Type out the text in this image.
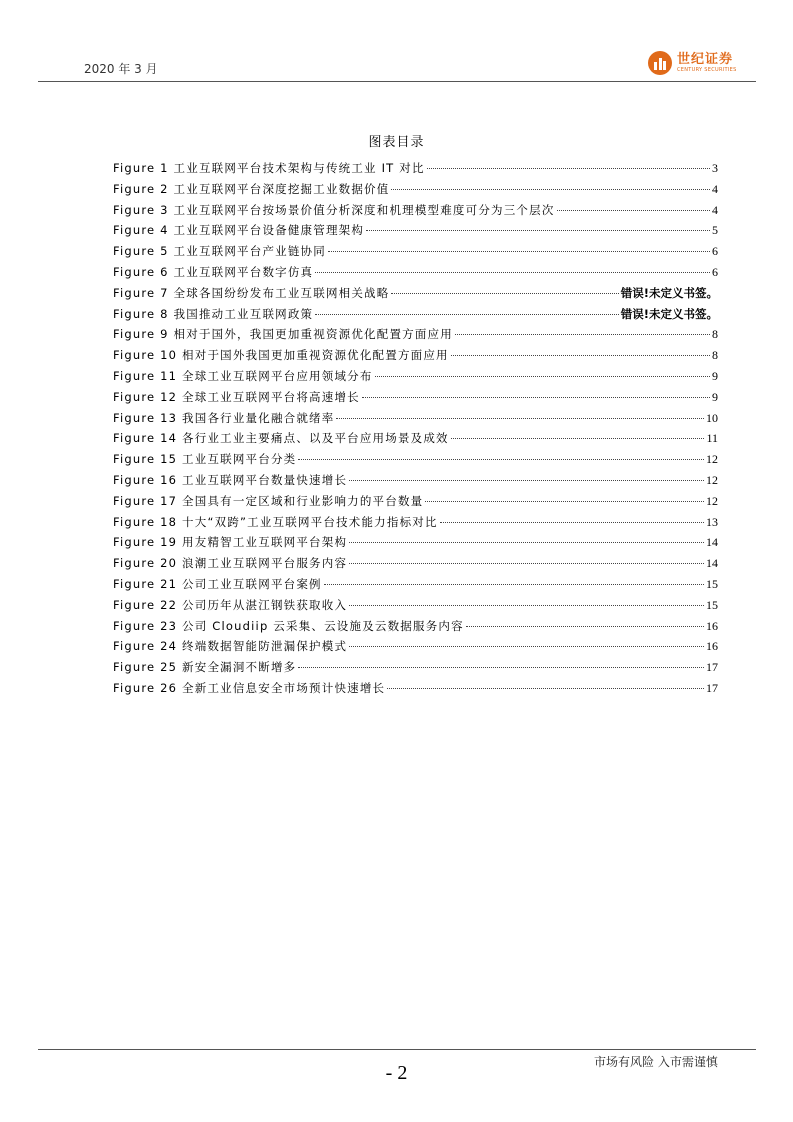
2020 年 3 月
世纪证券
CENTURY SECURITIES
图表目录
Figure 1 工业互联网平台技术架构与传统工业 IT 对比	3
Figure 2 工业互联网平台深度挖掘工业数据价值	4
Figure 3 工业互联网平台按场景价值分析深度和机理模型难度可分为三个层次	4
Figure 4 工业互联网平台设备健康管理架构	5
Figure 5 工业互联网平台产业链协同	6
Figure 6 工业互联网平台数字仿真	6
Figure 7 全球各国纷纷发布工业互联网相关战略	错误!未定义书签。
Figure 8 我国推动工业互联网政策	错误!未定义书签。
Figure 9 相对于国外，我国更加重视资源优化配置方面应用	8
Figure 10 相对于国外我国更加重视资源优化配置方面应用	8
Figure 11 全球工业互联网平台应用领域分布	9
Figure 12 全球工业互联网平台将高速增长	9
Figure 13 我国各行业量化融合就绪率	10
Figure 14 各行业工业主要痛点、以及平台应用场景及成效	11
Figure 15 工业互联网平台分类	12
Figure 16 工业互联网平台数量快速增长	12
Figure 17 全国具有一定区域和行业影响力的平台数量	12
Figure 18 十大“双跨”工业互联网平台技术能力指标对比	13
Figure 19 用友精智工业互联网平台架构	14
Figure 20 浪潮工业互联网平台服务内容	14
Figure 21 公司工业互联网平台案例	15
Figure 22 公司历年从湛江钢铁获取收入	15
Figure 23 公司 Cloudiip 云采集、云设施及云数据服务内容	16
Figure 24 终端数据智能防泄漏保护模式	16
Figure 25 新安全漏洞不断增多	17
Figure 26 全新工业信息安全市场预计快速增长	17
市场有风险 入市需谨慎
- 2
